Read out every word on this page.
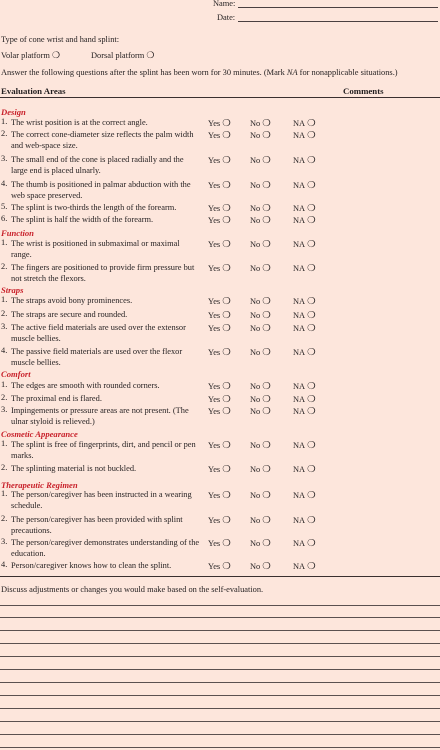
Name:
Date:
Type of cone wrist and hand splint:
Volar platform ❍	Dorsal platform ❍
Answer the following questions after the splint has been worn for 30 minutes. (Mark NA for nonapplicable situations.)
Evaluation Areas	Comments
Design
1. The wrist position is at the correct angle.	Yes ❍ No ❍	NA ❍
2. The correct cone-diameter size reflects the palm width and web-space size.
Yes ❍ No ❍	NA ❍
3. The small end of the cone is placed radially and the large end is placed ulnarly.
Yes ❍ No ❍	NA ❍
4. The thumb is positioned in palmar abduction with the web space preserved.
Yes ❍ No ❍	NA ❍
5. The splint is two-thirds the length of the forearm.	Yes ❍ No ❍	NA ❍
6. The splint is half the width of the forearm.	Yes ❍ No ❍	NA ❍
Function
1. The wrist is positioned in submaximal or maximal range.
Yes ❍ No ❍	NA ❍
2. The fingers are positioned to provide firm pressure but not stretch the flexors.
Yes ❍ No ❍	NA ❍
Straps
1. The straps avoid bony prominences.	Yes ❍ No ❍	NA ❍
2. The straps are secure and rounded.	Yes ❍ No ❍	NA ❍
3. The active field materials are used over the extensor muscle bellies.
Yes ❍ No ❍	NA ❍
4. The passive field materials are used over the flexor muscle bellies.
Yes ❍ No ❍	NA ❍
Comfort
1. The edges are smooth with rounded corners.	Yes ❍ No ❍	NA ❍
2. The proximal end is flared.	Yes ❍ No ❍	NA ❍
3. Impingements or pressure areas are not present. (The ulnar styloid is relieved.)
Yes ❍ No ❍	NA ❍
Cosmetic Appearance
1. The splint is free of fingerprints, dirt, and pencil or pen marks.
Yes ❍ No ❍	NA ❍
2. The splinting material is not buckled.	Yes ❍ No ❍	NA ❍
Therapeutic Regimen
1. The person/caregiver has been instructed in a wearing schedule.
Yes ❍ No ❍	NA ❍
2. The person/caregiver has been provided with splint precautions.
Yes ❍ No ❍	NA ❍
3. The person/caregiver demonstrates understanding of the education.
Yes ❍ No ❍	NA ❍
4. Person/caregiver knows how to clean the splint.	Yes ❍ No ❍	NA ❍
Discuss adjustments or changes you would make based on the self-evaluation.
